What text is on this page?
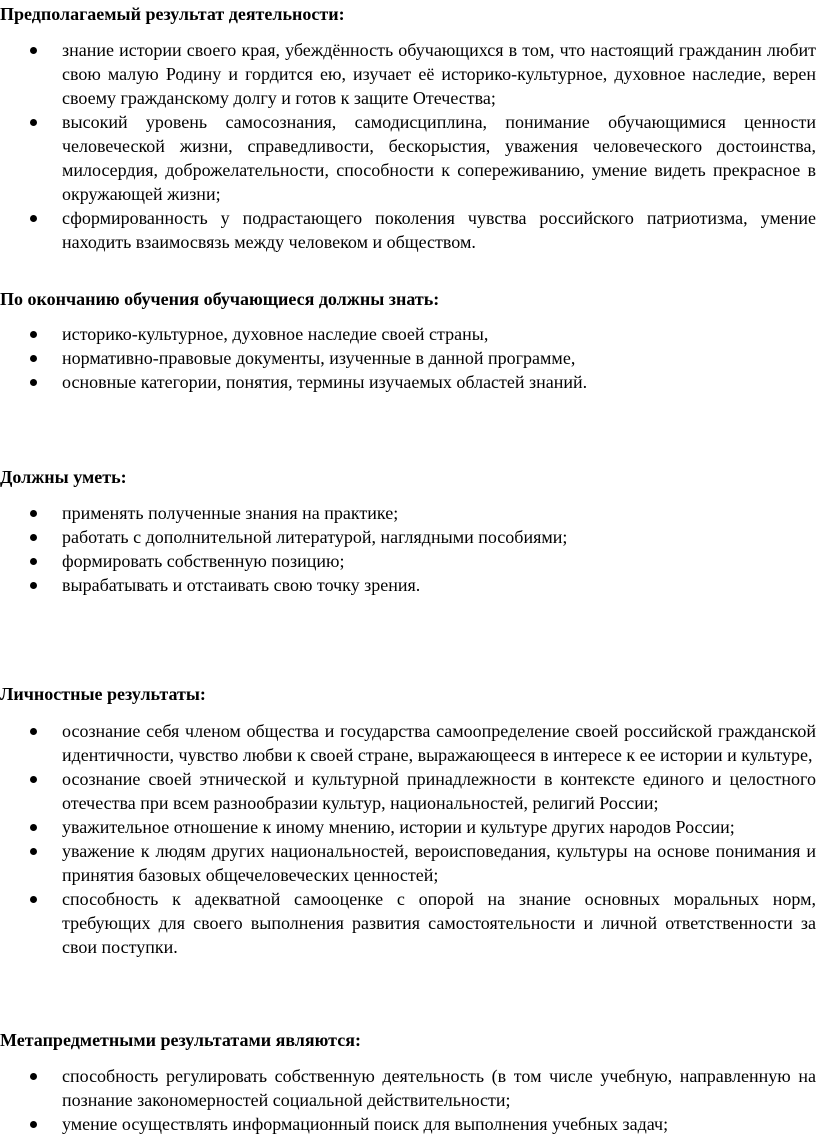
Предполагаемый результат деятельности:
знание истории своего края, убеждённость обучающихся в том, что настоящий гражданин любит свою малую Родину и гордится ею, изучает её историко-культурное, духовное наследие, верен своему гражданскому долгу и готов к защите Отечества;
высокий уровень самосознания, самодисциплина, понимание обучающимися ценности человеческой жизни, справедливости, бескорыстия, уважения человеческого достоинства, милосердия, доброжелательности, способности к сопереживанию, умение видеть прекрасное в окружающей жизни;
сформированность у подрастающего поколения чувства российского патриотизма, умение находить взаимосвязь между человеком и обществом.
По окончанию обучения обучающиеся должны знать:
историко-культурное, духовное наследие своей страны,
нормативно-правовые документы, изученные в данной программе,
основные категории, понятия, термины изучаемых областей знаний.
Должны уметь:
применять полученные знания на практике;
работать с дополнительной литературой, наглядными пособиями;
формировать собственную позицию;
вырабатывать и отстаивать свою точку зрения.
Личностные результаты:
осознание себя членом общества и государства самоопределение своей российской гражданской идентичности, чувство любви к своей стране, выражающееся в интересе к ее истории и культуре,
осознание своей этнической и культурной принадлежности в контексте единого и целостного отечества при всем разнообразии культур, национальностей, религий России;
уважительное отношение к иному мнению, истории и культуре других народов России;
уважение к людям других национальностей, вероисповедания, культуры на основе понимания и принятия базовых общечеловеческих ценностей;
способность к адекватной самооценке с опорой на знание основных моральных норм, требующих для своего выполнения развития самостоятельности и личной ответственности за свои поступки.
Метапредметными результатами являются:
способность регулировать собственную деятельность (в том числе учебную, направленную на познание закономерностей социальной действительности;
умение осуществлять информационный поиск для выполнения учебных задач;
